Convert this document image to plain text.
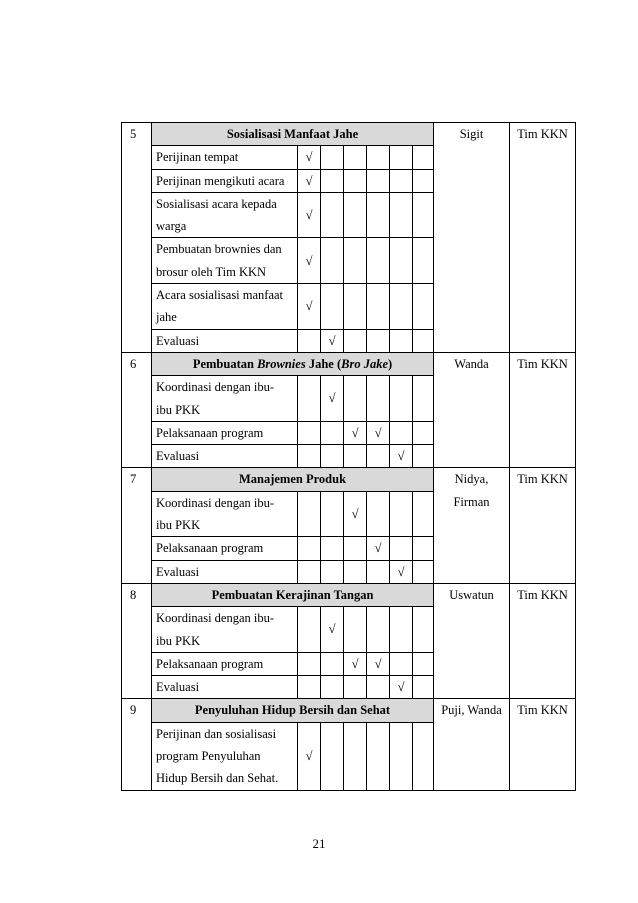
5	Sosialisasi Manfaat Jahe							Sigit	Tim KKN

	Perijinan tempat	√							

	Perijinan mengikuti acara	√							

	Sosialisasi acara kepada
warga	√							

	Pembuatan brownies dan
brosur oleh Tim KKN	√							

	Acara sosialisasi manfaat
jahe	√							

	Evaluasi		√						
6	Pembuatan Brownies Jahe (Bro Jake)							Wanda	Tim KKN

	Koordinasi dengan ibu-
ibu PKK		√						

	Pelaksanaan program			√	√				

	Evaluasi					√			
7	Manajemen Produk							Nidya,
Firman	Tim KKN

	Koordinasi dengan ibu-
ibu PKK			√					

	Pelaksanaan program				√				

	Evaluasi					√			
8	Pembuatan Kerajinan Tangan							Uswatun	Tim KKN

	Koordinasi dengan ibu-
ibu PKK		√						

	Pelaksanaan program			√	√				

	Evaluasi					√			
9	Penyuluhan Hidup Bersih dan Sehat							Puji, Wanda	Tim KKN

	Perijinan dan sosialisasi
program Penyuluhan
Hidup Bersih dan Sehat.	√							
21
